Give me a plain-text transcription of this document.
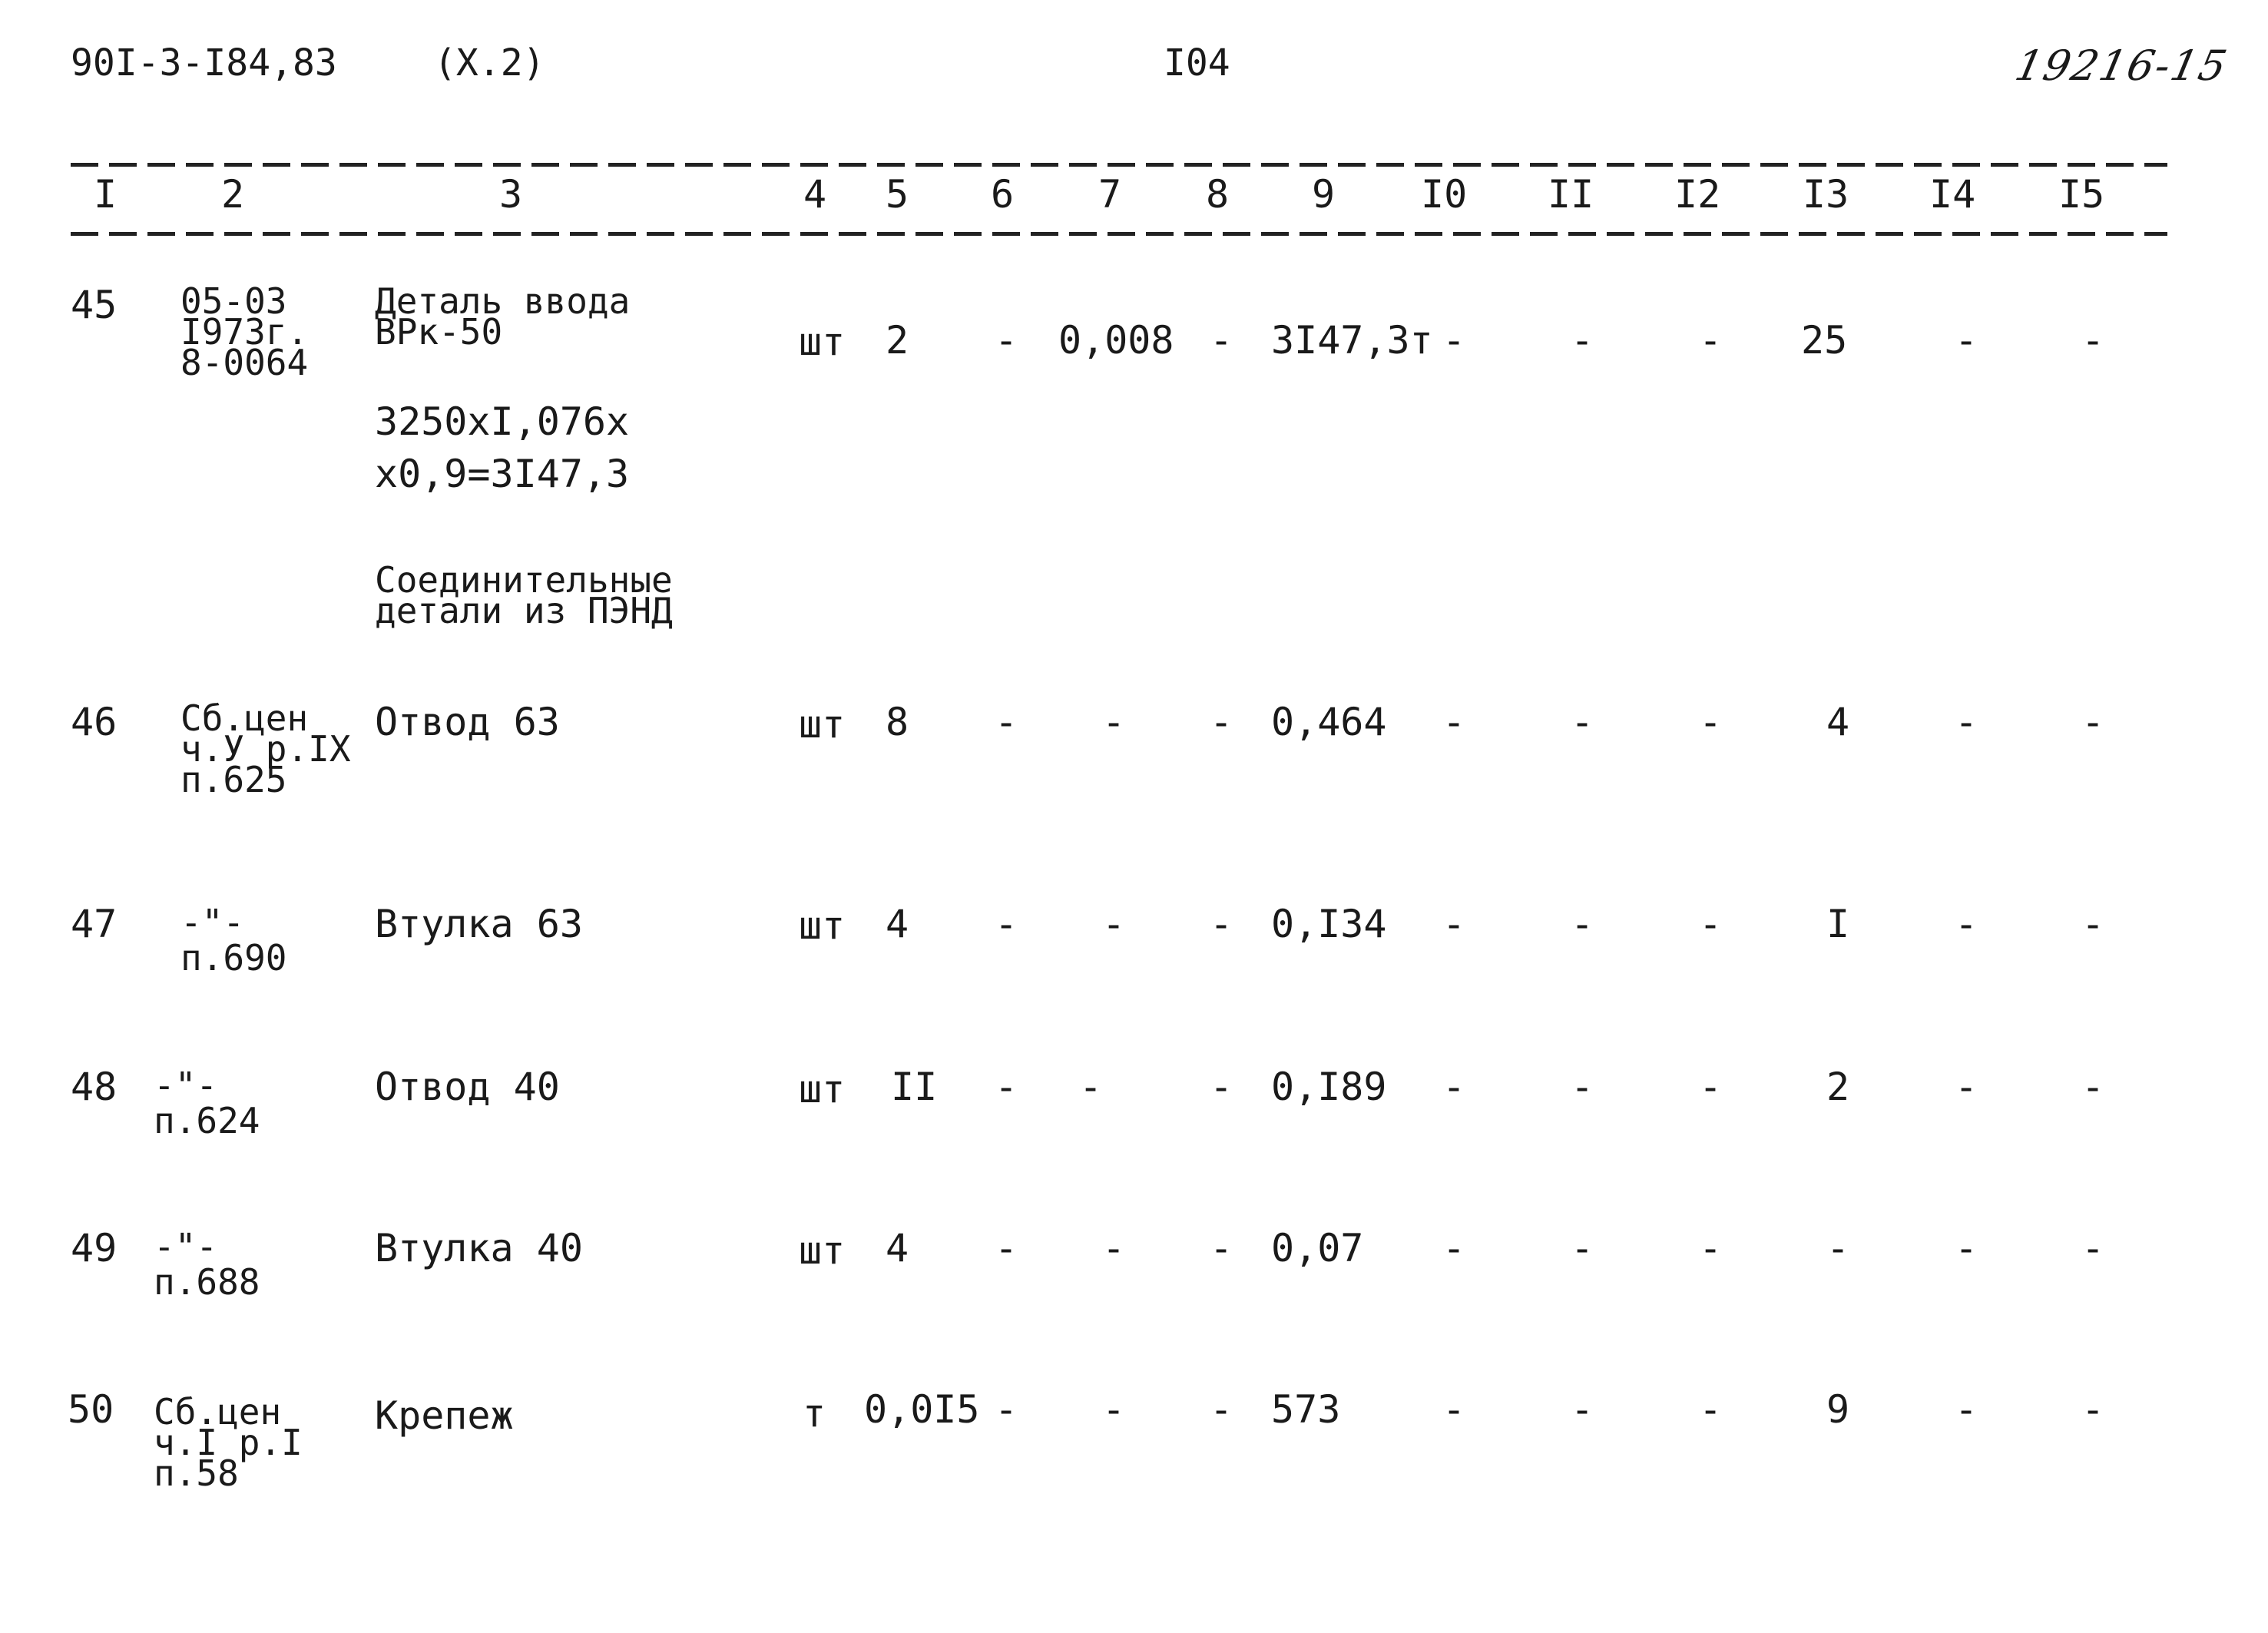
90I-3-I84,83	(X.2)	I04	19216-15
I	2	3	4 5 6 7 8 9 I0 II I2 I3 I4 I5
45 05-03
I973г.
8-0064
Деталь ввода
ВРк-50	шт 2 - 0,008 - 3I47,3т -	-	- 25	-	-
3250xI,076x
x0,9=3I47,3
Соединительные
детали из ПЭНД
46 Сб.цен
ч.У р.IX
п.625
Отвод 63	шт 8 - - - 0,464 -	-	-	4	-	-
47 -"-
п.690
Втулка 63	шт 4 - - - 0,I34 -	-	-	I	-	-
48 -"-
п.624
Отвод 40	шт II - -	- 0,I89 -	-	-	2	-	-
49 -"-
п.688
Втулка 40	шт 4 - - - 0,07 -	-	-	-	-	-
50 Сб.цен
ч.I р.I
п.58
Крепеж	т 0,0I5 - - - 573	-	-	-	9	-	-
